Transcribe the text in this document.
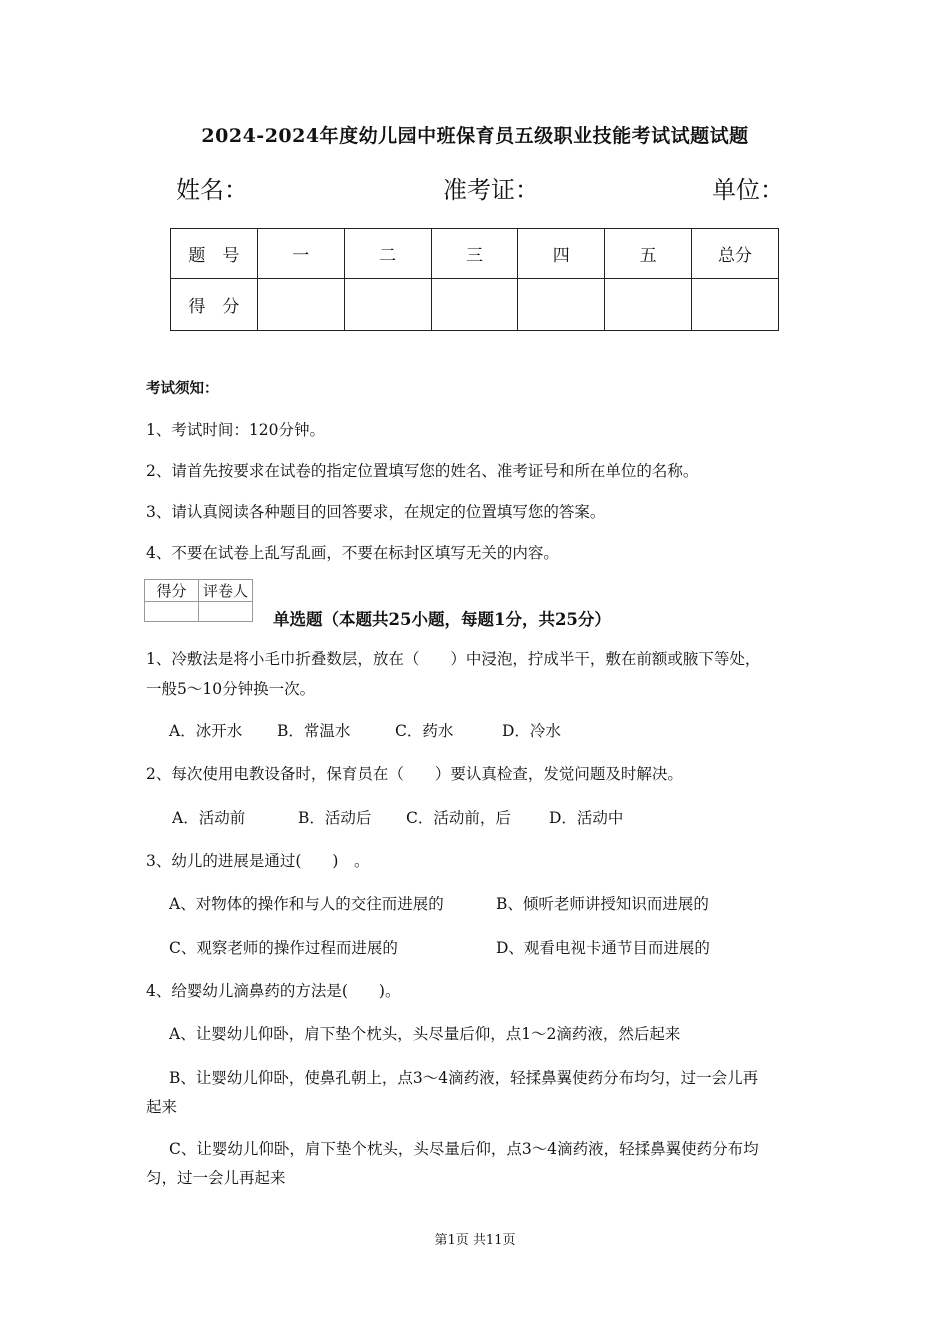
2024-2024年度幼儿园中班保育员五级职业技能考试试题试题
姓名：	准考证：	单位：
题　号	一	二	三	四	五	总分
得　分						
考试须知：
1、考试时间：120分钟。
2、请首先按要求在试卷的指定位置填写您的姓名、准考证号和所在单位的名称。
3、请认真阅读各种题目的回答要求，在规定的位置填写您的答案。
4、不要在试卷上乱写乱画，不要在标封区填写无关的内容。
得分	评卷人

单选题（本题共25小题，每题1分，共25分）
1、冷敷法是将小毛巾折叠数层，放在（　　）中浸泡，拧成半干，敷在前额或腋下等处，
一般5～10分钟换一次。
A．冰开水 B．常温水	C．药水	D．冷水
2、每次使用电教设备时，保育员在（　　）要认真检查，发觉问题及时解决。
A．活动前	B．活动后 C．活动前，后 D．活动中
3、幼儿的进展是通过(　　)　。
A、对物体的操作和与人的交往而进展的	B、倾听老师讲授知识而进展的
C、观察老师的操作过程而进展的	D、观看电视卡通节目而进展的
4、给婴幼儿滴鼻药的方法是(　　)。
A、让婴幼儿仰卧，肩下垫个枕头，头尽量后仰，点1～2滴药液，然后起来
B、让婴幼儿仰卧，使鼻孔朝上，点3～4滴药液，轻揉鼻翼使药分布均匀，过一会儿再
起来
C、让婴幼儿仰卧，肩下垫个枕头，头尽量后仰，点3～4滴药液，轻揉鼻翼使药分布均
匀，过一会儿再起来
第1页 共11页
